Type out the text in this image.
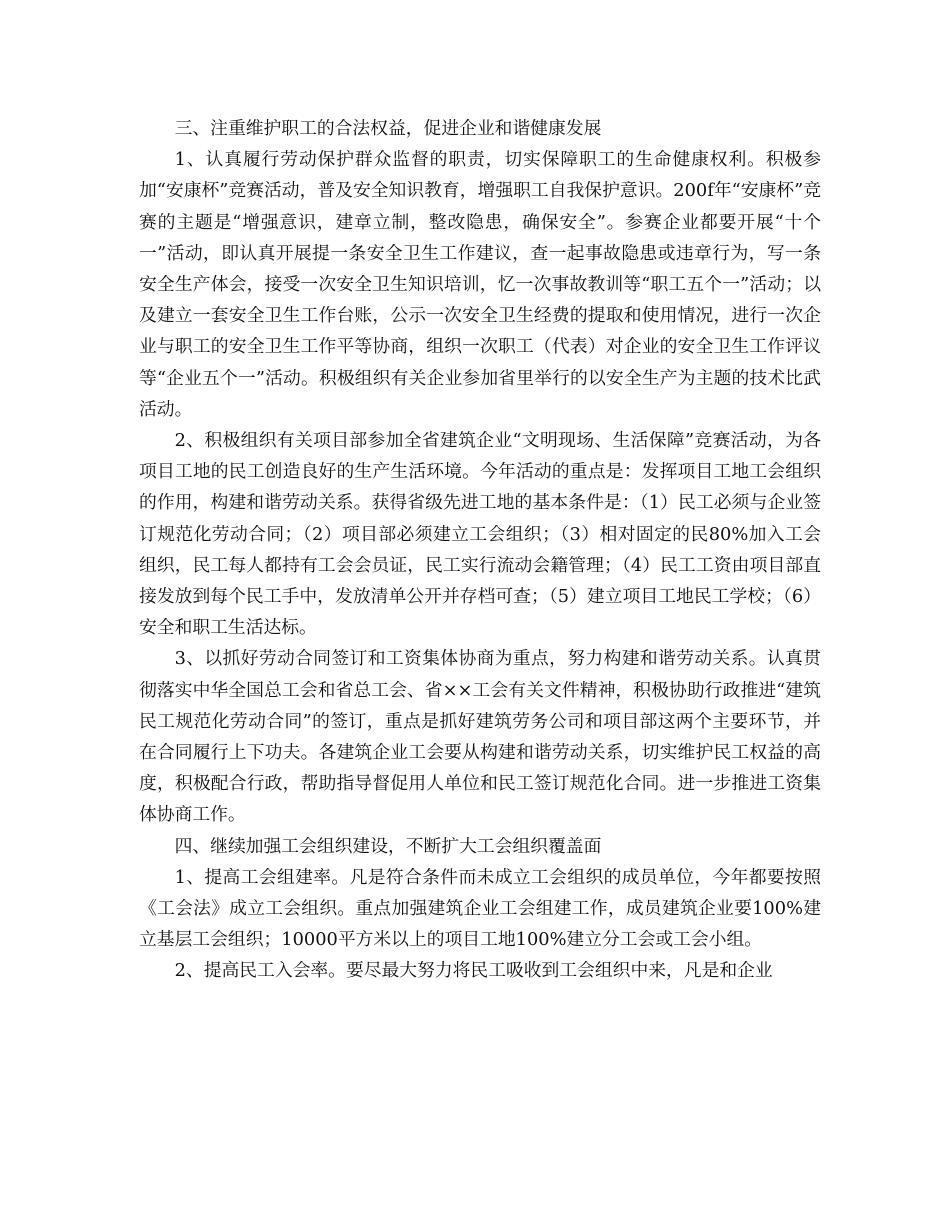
三、注重维护职工的合法权益，促进企业和谐健康发展

1、认真履行劳动保护群众监督的职责，切实保障职工的生命健康权利。积极参加“安康杯”竞赛活动，普及安全知识教育，增强职工自我保护意识。200f年“安康杯”竞赛的主题是“增强意识，建章立制，整改隐患，确保安全”。参赛企业都要开展“十个一”活动，即认真开展提一条安全卫生工作建议，查一起事故隐患或违章行为，写一条安全生产体会，接受一次安全卫生知识培训，忆一次事故教训等“职工五个一”活动；以及建立一套安全卫生工作台账，公示一次安全卫生经费的提取和使用情况，进行一次企业与职工的安全卫生工作平等协商，组织一次职工（代表）对企业的安全卫生工作评议等“企业五个一”活动。积极组织有关企业参加省里举行的以安全生产为主题的技术比武活动。

2、积极组织有关项目部参加全省建筑企业“文明现场、生活保障”竞赛活动，为各项目工地的民工创造良好的生产生活环境。今年活动的重点是：发挥项目工地工会组织的作用，构建和谐劳动关系。获得省级先进工地的基本条件是：（1）民工必须与企业签订规范化劳动合同；（2）项目部必须建立工会组织；（3）相对固定的民80%加入工会组织，民工每人都持有工会会员证，民工实行流动会籍管理；（4）民工工资由项目部直接发放到每个民工手中，发放清单公开并存档可查；（5）建立项目工地民工学校；（6）安全和职工生活达标。

3、以抓好劳动合同签订和工资集体协商为重点，努力构建和谐劳动关系。认真贯彻落实中华全国总工会和省总工会、省××工会有关文件精神，积极协助行政推进“建筑民工规范化劳动合同”的签订，重点是抓好建筑劳务公司和项目部这两个主要环节，并在合同履行上下功夫。各建筑企业工会要从构建和谐劳动关系，切实维护民工权益的高度，积极配合行政，帮助指导督促用人单位和民工签订规范化合同。进一步推进工资集体协商工作。

四、继续加强工会组织建设，不断扩大工会组织覆盖面

1、提高工会组建率。凡是符合条件而未成立工会组织的成员单位，今年都要按照《工会法》成立工会组织。重点加强建筑企业工会组建工作，成员建筑企业要100%建立基层工会组织；10000平方米以上的项目工地100%建立分工会或工会小组。

2、提高民工入会率。要尽最大努力将民工吸收到工会组织中来，凡是和企业
